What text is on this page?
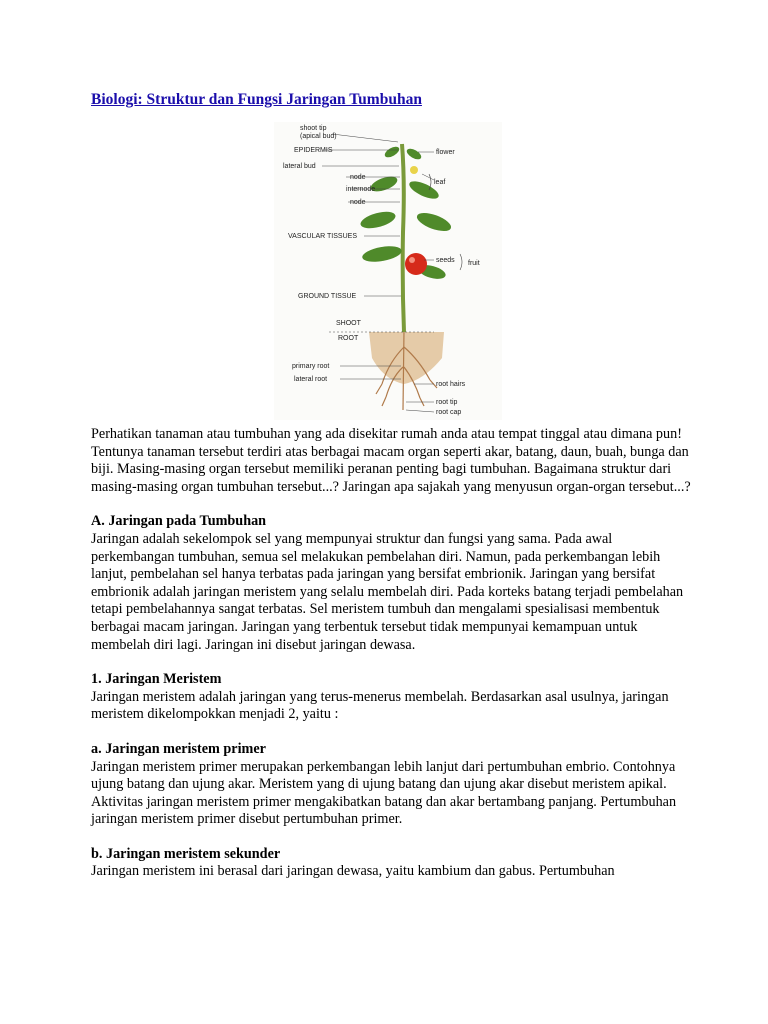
Biologi: Struktur dan Fungsi Jaringan Tumbuhan
shoot tip
(apical bud)
EPIDERMIS
lateral bud
node
internode
node
VASCULAR TISSUES
GROUND TISSUE
SHOOT
ROOT
primary root
lateral root
flower
leaf
seeds fruit
root hairs
root tip
root cap

Perhatikan tanaman atau tumbuhan yang ada disekitar rumah anda atau tempat tinggal atau dimana pun! Tentunya tanaman tersebut terdiri atas berbagai macam organ seperti akar, batang, daun, buah, bunga dan biji. Masing-masing organ tersebut memiliki peranan penting bagi tumbuhan. Bagaimana struktur dari masing-masing organ tumbuhan tersebut...? Jaringan apa sajakah yang menyusun organ-organ tersebut...?

A. Jaringan pada Tumbuhan

Jaringan adalah sekelompok sel yang mempunyai struktur dan fungsi yang sama. Pada awal perkembangan tumbuhan, semua sel melakukan pembelahan diri. Namun, pada perkembangan lebih lanjut, pembelahan sel hanya terbatas pada jaringan yang bersifat embrionik. Jaringan yang bersifat embrionik adalah jaringan meristem yang selalu membelah diri. Pada korteks batang terjadi pembelahan tetapi pembelahannya sangat terbatas. Sel meristem tumbuh dan mengalami spesialisasi membentuk berbagai macam jaringan. Jaringan yang terbentuk tersebut tidak mempunyai kemampuan untuk membelah diri lagi. Jaringan ini disebut jaringan dewasa.

1. Jaringan Meristem

Jaringan meristem adalah jaringan yang terus-menerus membelah. Berdasarkan asal usulnya, jaringan meristem dikelompokkan menjadi 2, yaitu :

a. Jaringan meristem primer

Jaringan meristem primer merupakan perkembangan lebih lanjut dari pertumbuhan embrio. Contohnya ujung batang dan ujung akar. Meristem yang di ujung batang dan ujung akar disebut meristem apikal. Aktivitas jaringan meristem primer mengakibatkan batang dan akar bertambang panjang. Pertumbuhan jaringan meristem primer disebut pertumbuhan primer.

b. Jaringan meristem sekunder

Jaringan meristem ini berasal dari jaringan dewasa, yaitu kambium dan gabus. Pertumbuhan
